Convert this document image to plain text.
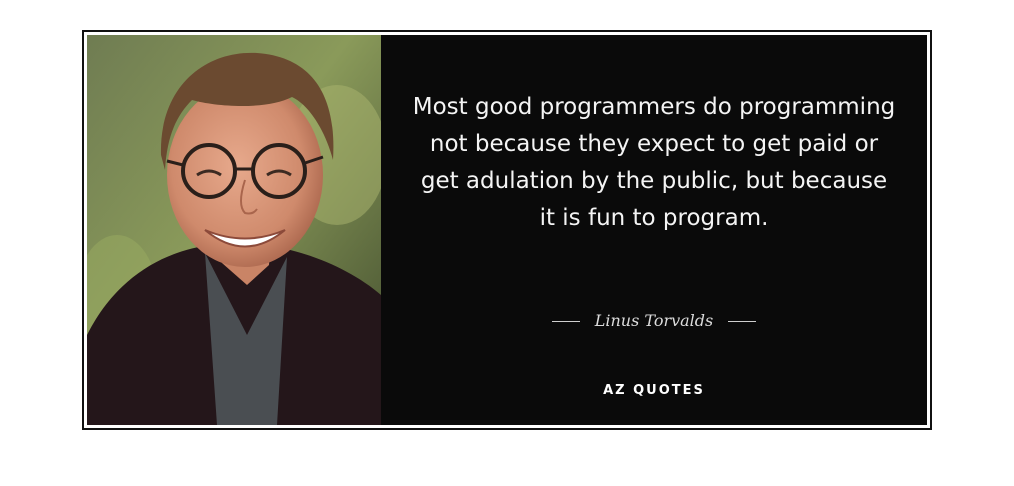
Most good programmers do programming not because they expect to get paid or get adulation by the public, but because it is fun to program.

Linus Torvalds
AZ QUOTES
